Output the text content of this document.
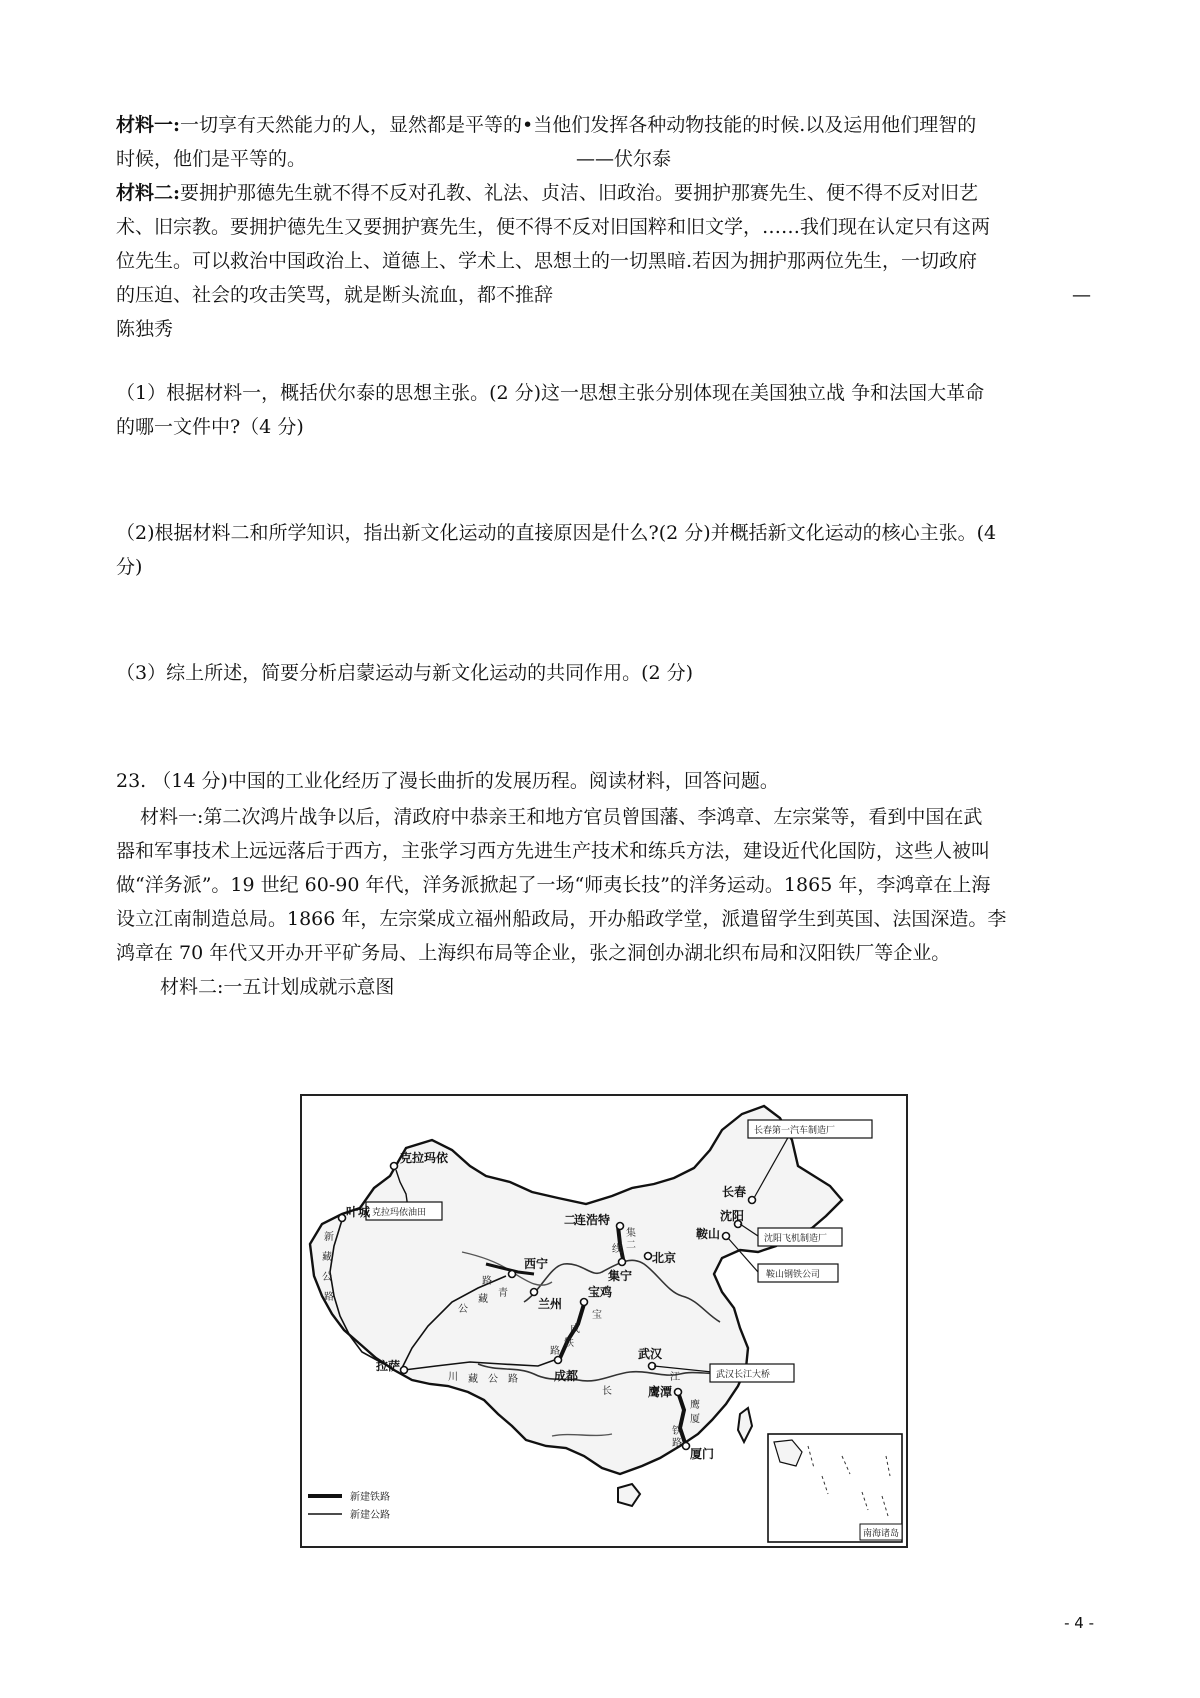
材料一:一切享有天然能力的人，显然都是平等的•当他们发挥各种动物技能的时候.以及运用他们理智的
时候，他们是平等的。	——伏尔泰
材料二:要拥护那德先生就不得不反对孔教、礼法、贞洁、旧政治。要拥护那赛先生、便不得不反对旧艺
术、旧宗教。要拥护德先生又要拥护赛先生，便不得不反对旧国粹和旧文学，……我们现在认定只有这两
位先生。可以救治中国政治上、道德上、学术上、思想土的一切黑暗.若因为拥护那两位先生，一切政府
的压迫、社会的攻击笑骂，就是断头流血，都不推辞	—
陈独秀
（1）根据材料一，概括伏尔泰的思想主张。(2 分)这一思想主张分别体现在美国独立战 争和法国大革命
的哪一文件中?（4 分)
（2)根据材料二和所学知识，指出新文化运动的直接原因是什么?(2 分)并概括新文化运动的核心主张。(4
分)
（3）综上所述，简要分析启蒙运动与新文化运动的共同作用。(2 分)
23. （14 分)中国的工业化经历了漫长曲折的发展历程。阅读材料，回答问题。
材料一:第二次鸿片战争以后，清政府中恭亲王和地方官员曾国藩、李鸿章、左宗棠等，看到中国在武
器和军事技术上远远落后于西方，主张学习西方先进生产技术和练兵方法，建设近代化国防，这些人被叫
做“洋务派”。19 世纪 60-90 年代，洋务派掀起了一场“师夷长技”的洋务运动。1865 年，李鸿章在上海
设立江南制造总局。1866 年，左宗棠成立福州船政局，开办船政学堂，派遣留学生到英国、法国深造。李
鸿章在 70 年代又开办开平矿务局、上海织布局等企业，张之洞创办湖北织布局和汉阳铁厂等企业。
材料二:一五计划成就示意图
长春第一汽车制造厂
克拉玛依油田
沈阳飞机制造厂
鞍山钢铁公司
武汉长江大桥
克拉玛依
叶城
拉萨
西宁
兰州
宝鸡
成都
连浩特
集宁
北京
长春
沈阳
鞍山
武汉
鹰潭
厦门
二
新
藏
公
路	青
藏
公
路
川 藏 公 路
宝
成
铁
路
集
二
线
鹰
厦
铁
路
长
江
新建铁路
新建公路
南海诸岛
- 4 -
